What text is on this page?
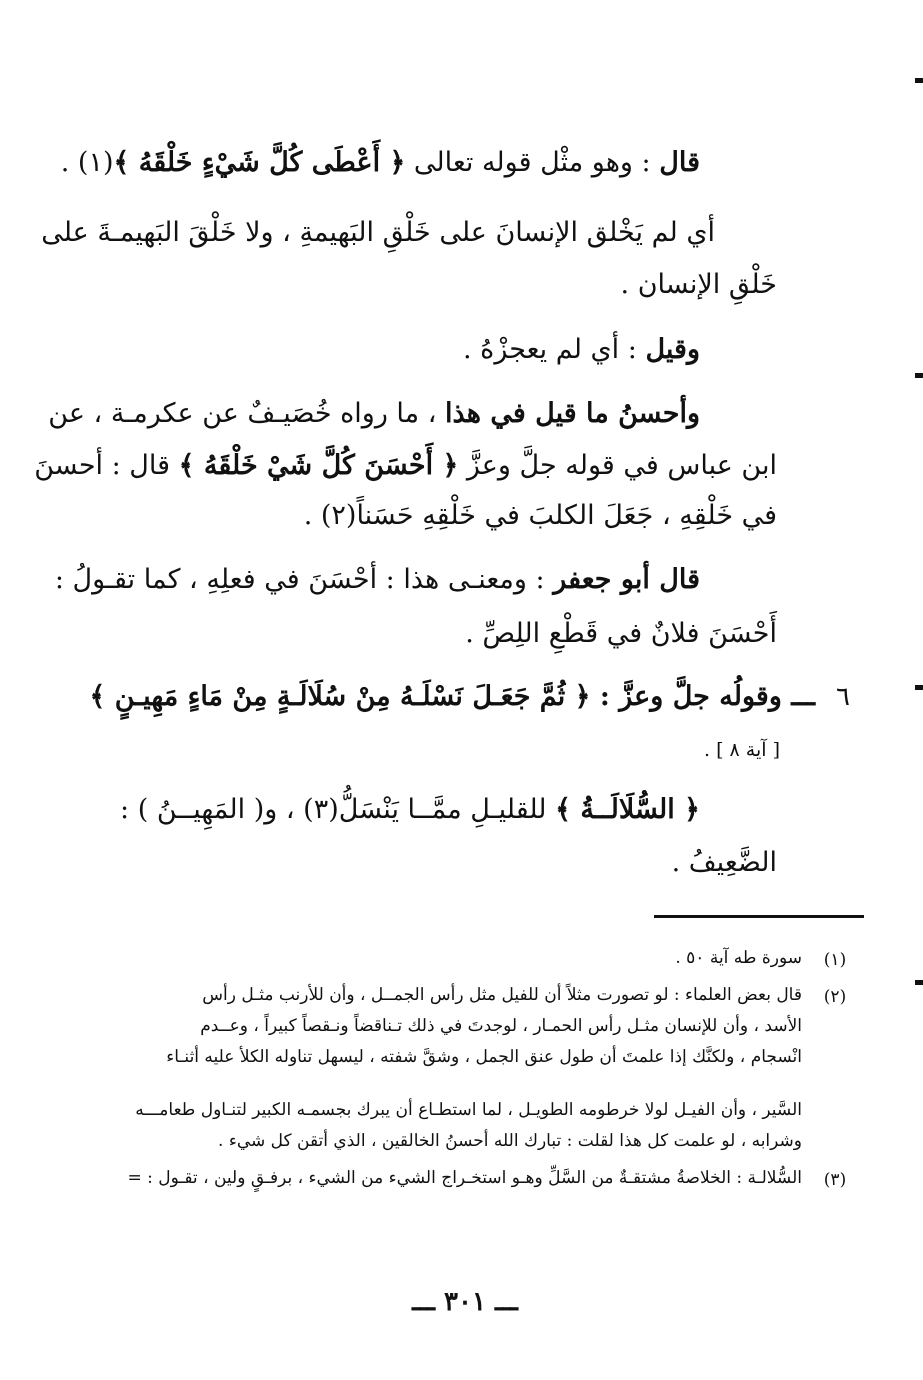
قال : وهو مثْل قوله تعالى ﴿ أَعْطَى كُلَّ شَيْءٍ خَلْقَهُ ﴾(١) .
أي لم يَخْلق الإنسانَ على خَلْقِ البَهيمةِ ، ولا خَلْقَ البَهيمـةَ على
خَلْقِ الإنسان .
وقيل : أي لم يعجزْهُ .
وأحسنُ ما قيل في هذا ، ما رواه خُصَيـفٌ عن عكرمـة ، عن
ابن عباس في قوله جلَّ وعزَّ ﴿ أَحْسَنَ كُلَّ شَيْ خَلْقَهُ ﴾ قال : أحسنَ
في خَلْقِهِ ، جَعَلَ الكلبَ في خَلْقِهِ حَسَناً(٢) .
قال أبو جعفر : ومعنـى هذا : أحْسَنَ في فعلِهِ ، كما تقـولُ :
أَحْسَنَ فلانٌ في قَطْعِ اللِصِّ .
٦
ـــ وقولُه جلَّ وعزَّ : ﴿ ثُمَّ جَعَـلَ نَسْلَـهُ مِنْ سُلَالَـةٍ مِنْ مَاءٍ مَهِيـنٍ ﴾
[ آية ٨ ] .
﴿ السُّلَالَــةُ ﴾ للقليـلِ ممَّــا يَنْسَلُّ(٣) ، و( المَهِيــنُ ) :
الضَّعِيفُ .
(١)
سورة طه آية ٥٠ .
(٢)
قال بعض العلماء : لو تصورت مثلاً أن للفيل مثل رأس الجمــل ، وأن للأرنب مثـل رأس
الأسد ، وأن للإنسان مثـل رأس الحمـار ، لوجدتَ في ذلك تـناقضاً ونـقصاً كبيراً ، وعــدم
انْسجام ، ولكنَّك إذا علمتَ أن طول عنق الجمل ، وشقَّ شفته ، ليسهل تناوله الكلأ عليه أثنـاء
السَّير ، وأن الفيـل لولا خرطومه الطويـل ، لما استطـاع أن يبرك بجسمـه الكبير لتنـاول طعامـــه
وشرابه ، لو علمت كل هذا لقلت : تبارك الله أحسنُ الخالقين ، الذي أتقن كل شيء .
(٣)
السُّلالـة : الخلاصةُ مشتقـةٌ من السَّلِّ وهـو استخـراج الشيء من الشيء ، برفـقٍ ولين ، تقـول : =
ـــ ٣٠١ ـــ
